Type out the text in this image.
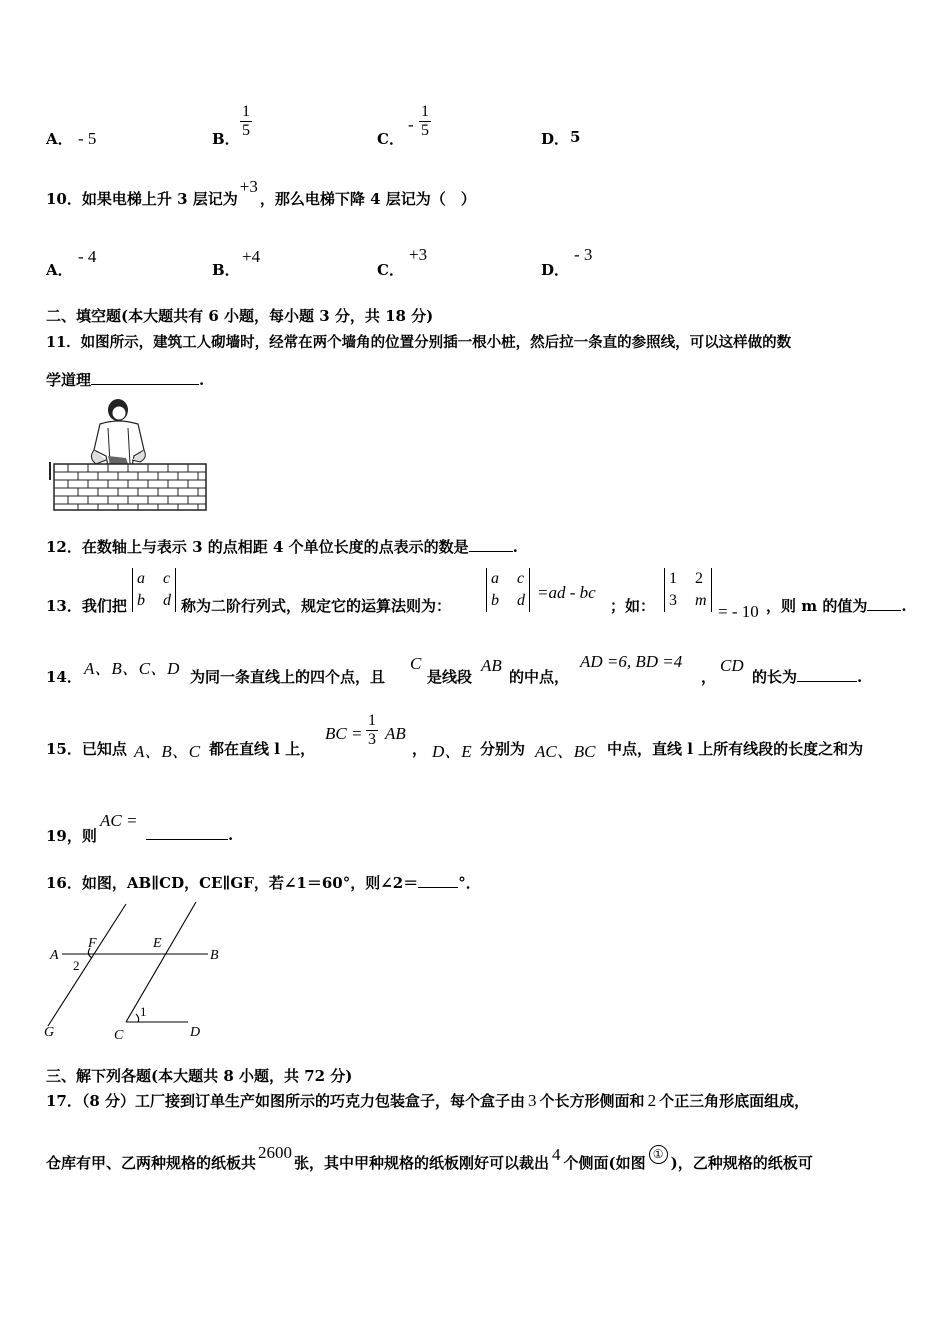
A． - 5	B． $\frac{1}{5}$	C．
- $\frac{1}{5}$	D． 5
10．如果电梯上升 3 层记为+3，那么电梯下降 4 层记为（　）
A．
- 4
B．
+4
C．
+3
D．
- 3
二、填空题(本大题共有 6 小题，每小题 3 分，共 18 分)
11．如图所示，建筑工人砌墙时，经常在两个墙角的位置分别插一根小桩，然后拉一条直的参照线，可以这样做的数
学道理	.
12．在数轴上与表示 3 的点相距 4 个单位长度的点表示的数是	.
13．我们把
a c
b d 称为二阶行列式，规定它的运算法则为：
a c
b d =ad - bc
；如：
1 2
3 m
= - 10 ，则 m 的值为 .
14． A、B、C、D 为同一条直线上的四个点，且
C
是线段
AB
的中点，
AD =6, BD =4
，
CD
的长为	.
15．已知点 A、B、C 都在直线 l 上，
BC = $\frac{1}{3}$ AB
， D、E 分别为 AC、BC 中点，直线 l 上所有线段的长度之和为
19，则
AC =
.
16．如图，AB∥CD，CE∥GF，若∠1＝60°，则∠2＝	°．
A	B
C	D
E
F
G
1
2
三、解下列各题(本大题共 8 小题，共 72 分)
17．（8 分）工厂接到订单生产如图所示的巧克力包装盒子，每个盒子由 3 个长方形侧面和 2 个正三角形底面组成，
仓库有甲、乙两种规格的纸板共2600张，其中甲种规格的纸板刚好可以裁出 4 个侧面(如图 ① )，乙种规格的纸板可
